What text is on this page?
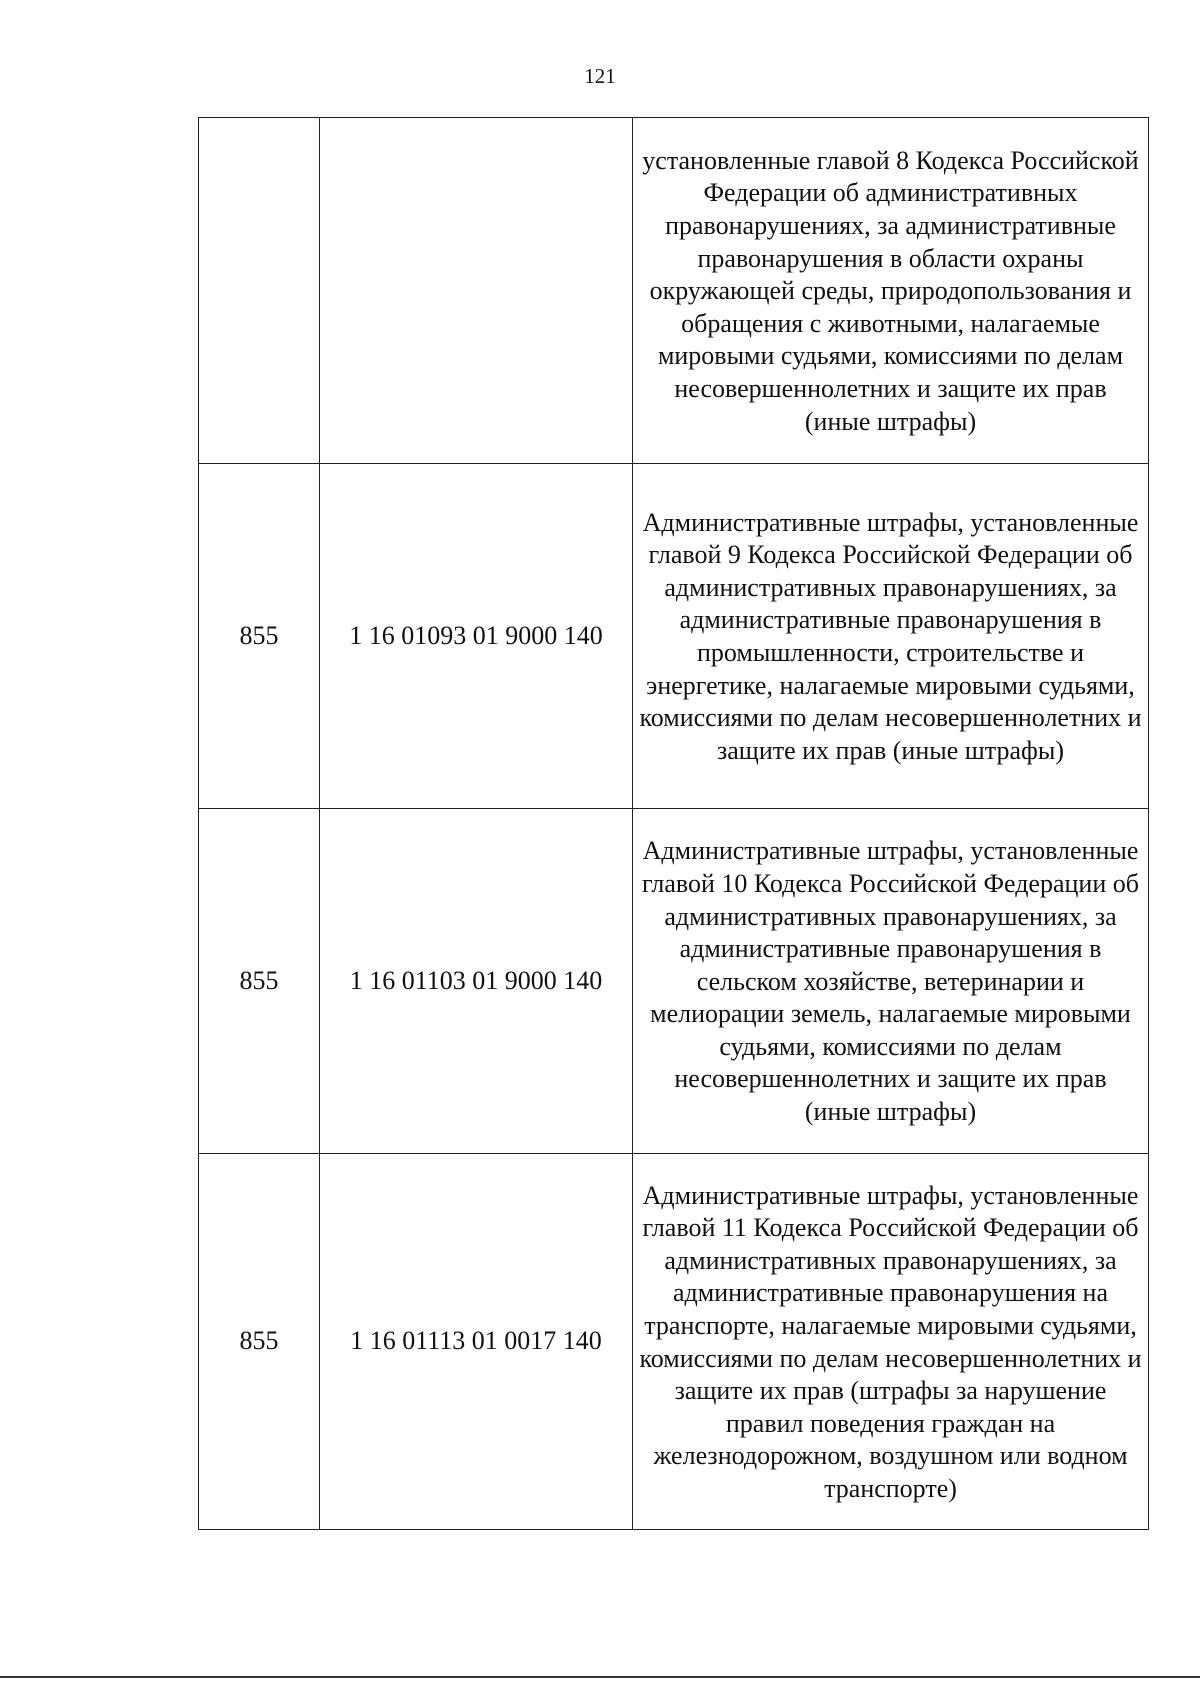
121

		установленные главой 8 Кодекса Российской Федерации об административных правонарушениях, за административные правонарушения в области охраны окружающей среды, природопользования и обращения с животными, налагаемые мировыми судьями, комиссиями по делам несовершеннолетних и защите их прав (иные штрафы)

855	1 16 01093 01 9000 140	Административные штрафы, установленные главой 9 Кодекса Российской Федерации об административных правонарушениях, за административные правонарушения в промышленности, строительстве и энергетике, налагаемые мировыми судьями, комиссиями по делам несовершеннолетних и защите их прав (иные штрафы)

855	1 16 01103 01 9000 140	Административные штрафы, установленные главой 10 Кодекса Российской Федерации об административных правонарушениях, за административные правонарушения в сельском хозяйстве, ветеринарии и мелиорации земель, налагаемые мировыми судьями, комиссиями по делам несовершеннолетних и защите их прав (иные штрафы)

855	1 16 01113 01 0017 140	Административные штрафы, установленные главой 11 Кодекса Российской Федерации об административных правонарушениях, за административные правонарушения на транспорте, налагаемые мировыми судьями, комиссиями по делам несовершеннолетних и защите их прав (штрафы за нарушение правил поведения граждан на железнодорожном, воздушном или водном транспорте)
